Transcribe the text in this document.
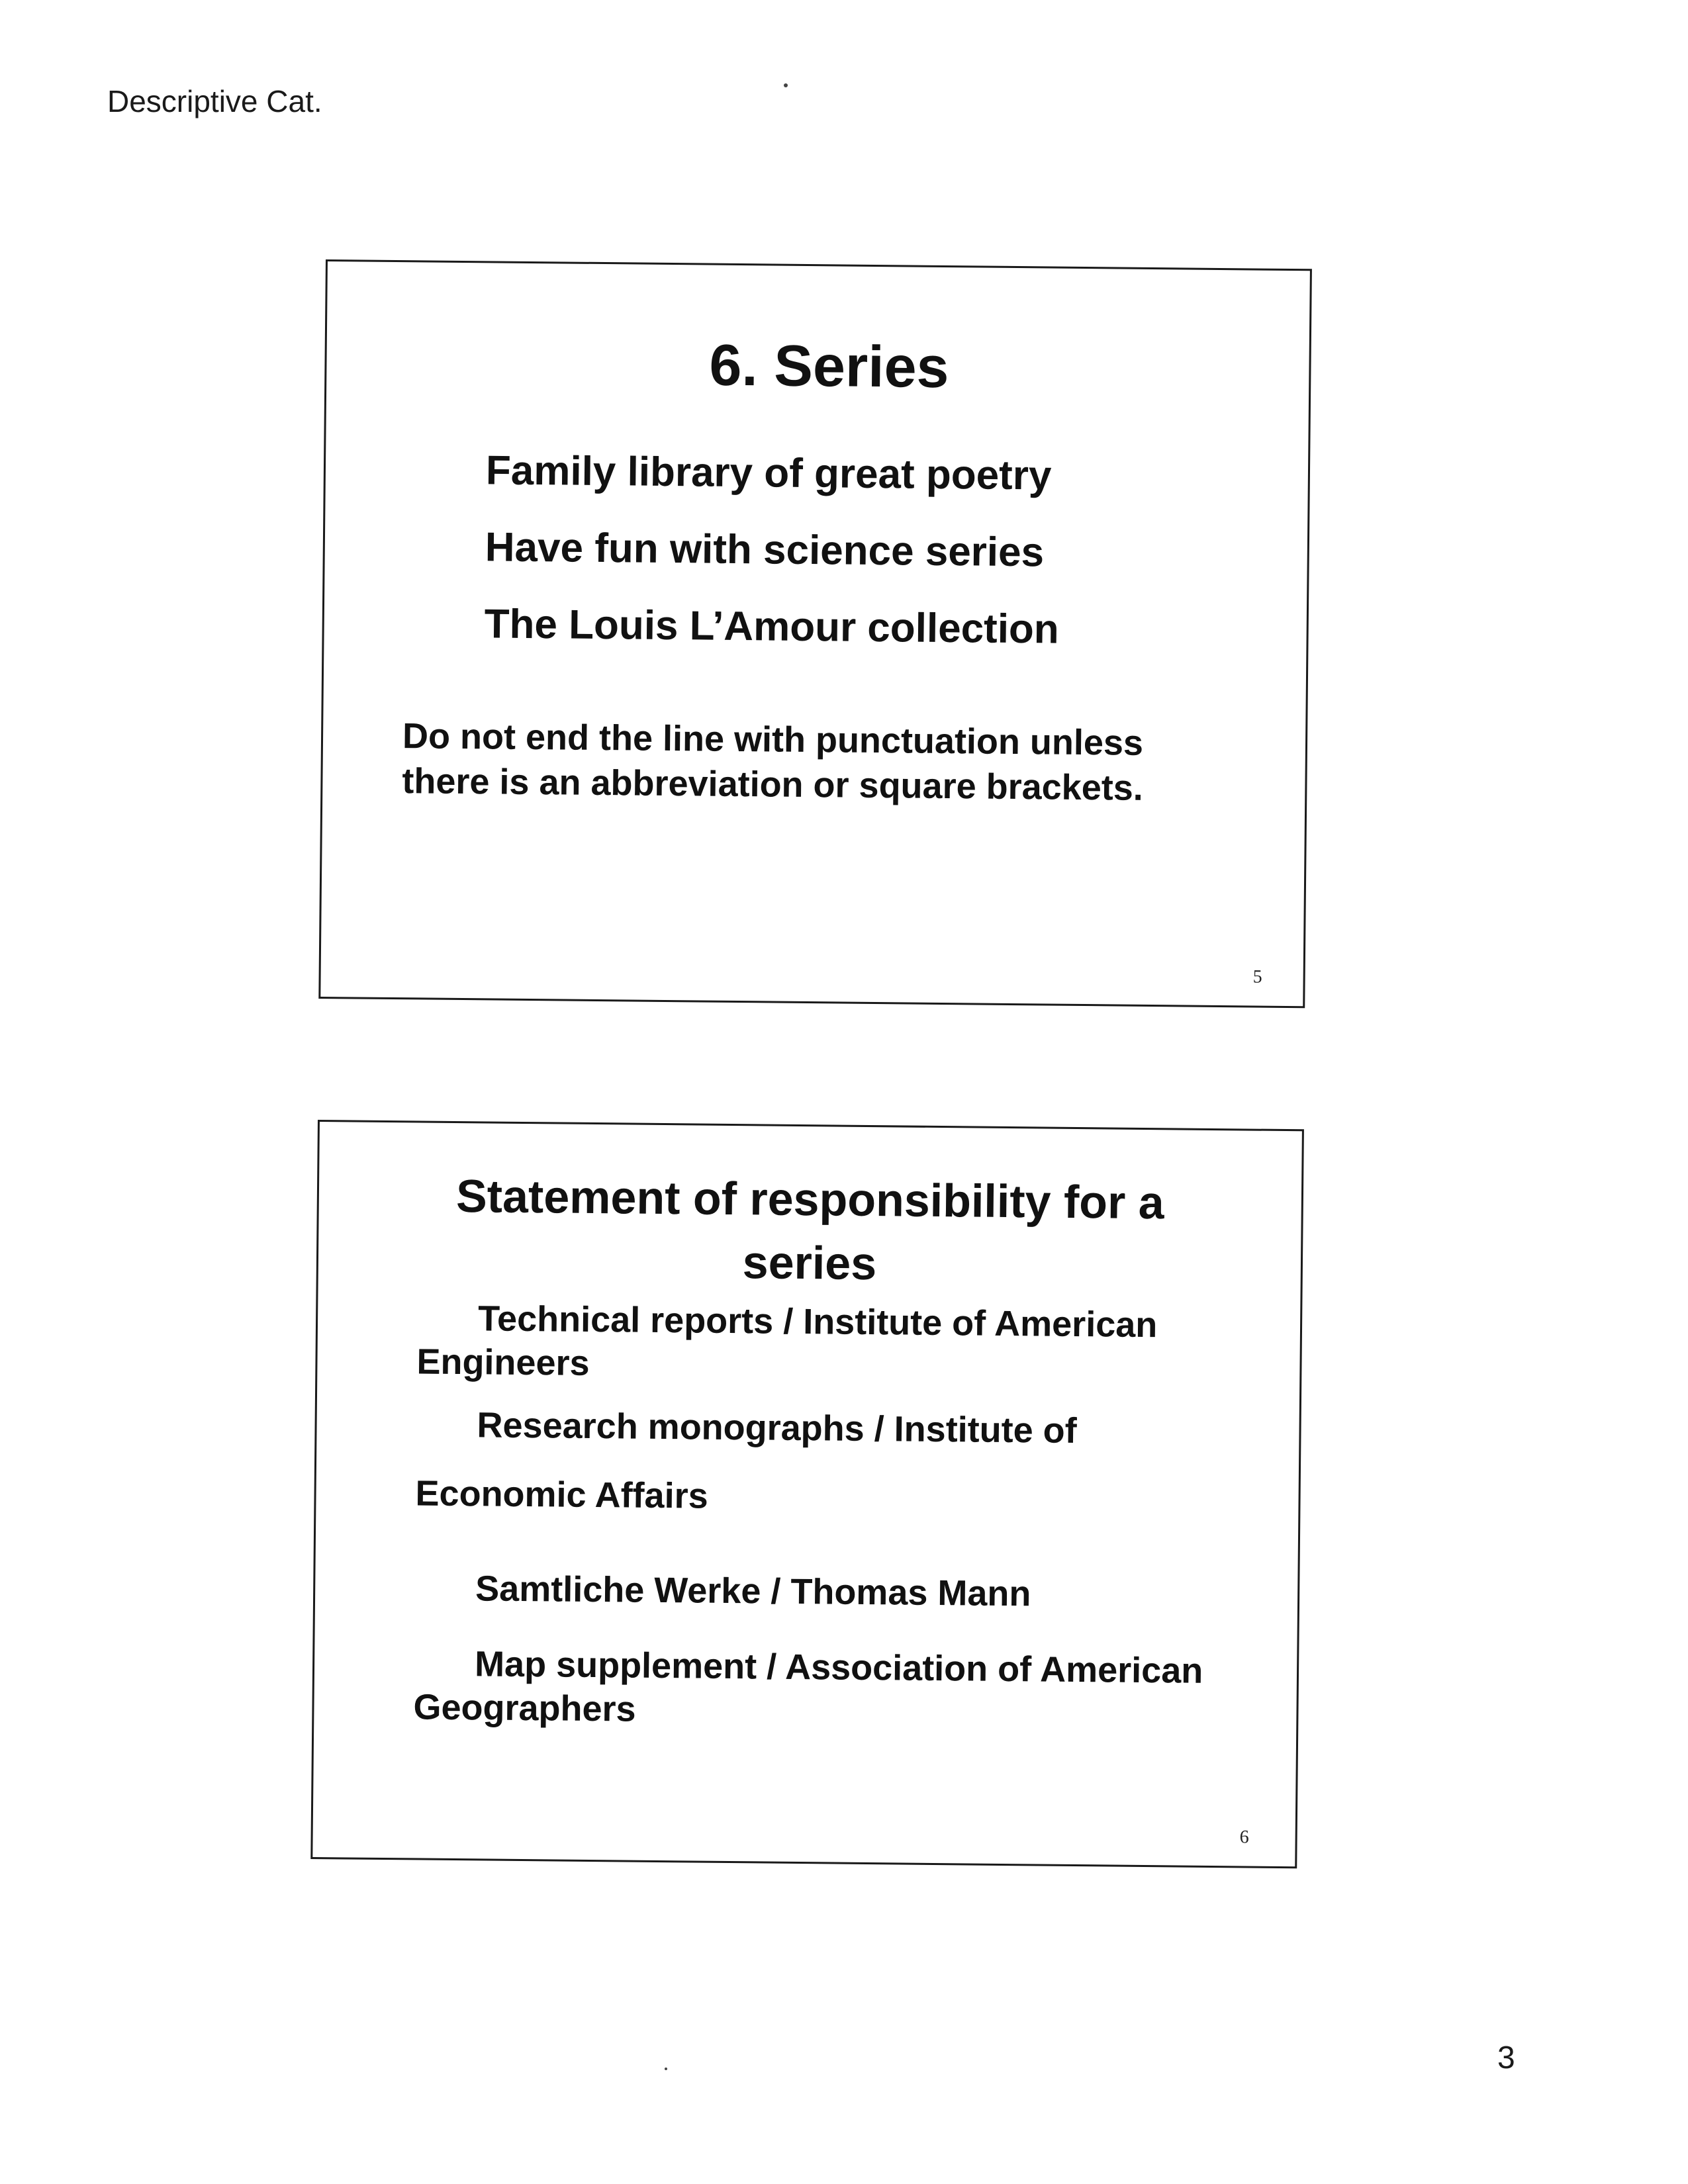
Descriptive Cat.
6. Series
Family library of great poetry
Have fun with science series
The Louis L’Amour collection
Do not end the line with punctuation unless there is an abbreviation or square brackets.
5
Statement of responsibility for a series
Technical reports / Institute of American Engineers
Research monographs / Institute of Economic Affairs
Samtliche Werke / Thomas Mann
Map supplement / Association of American Geographers
6
3
